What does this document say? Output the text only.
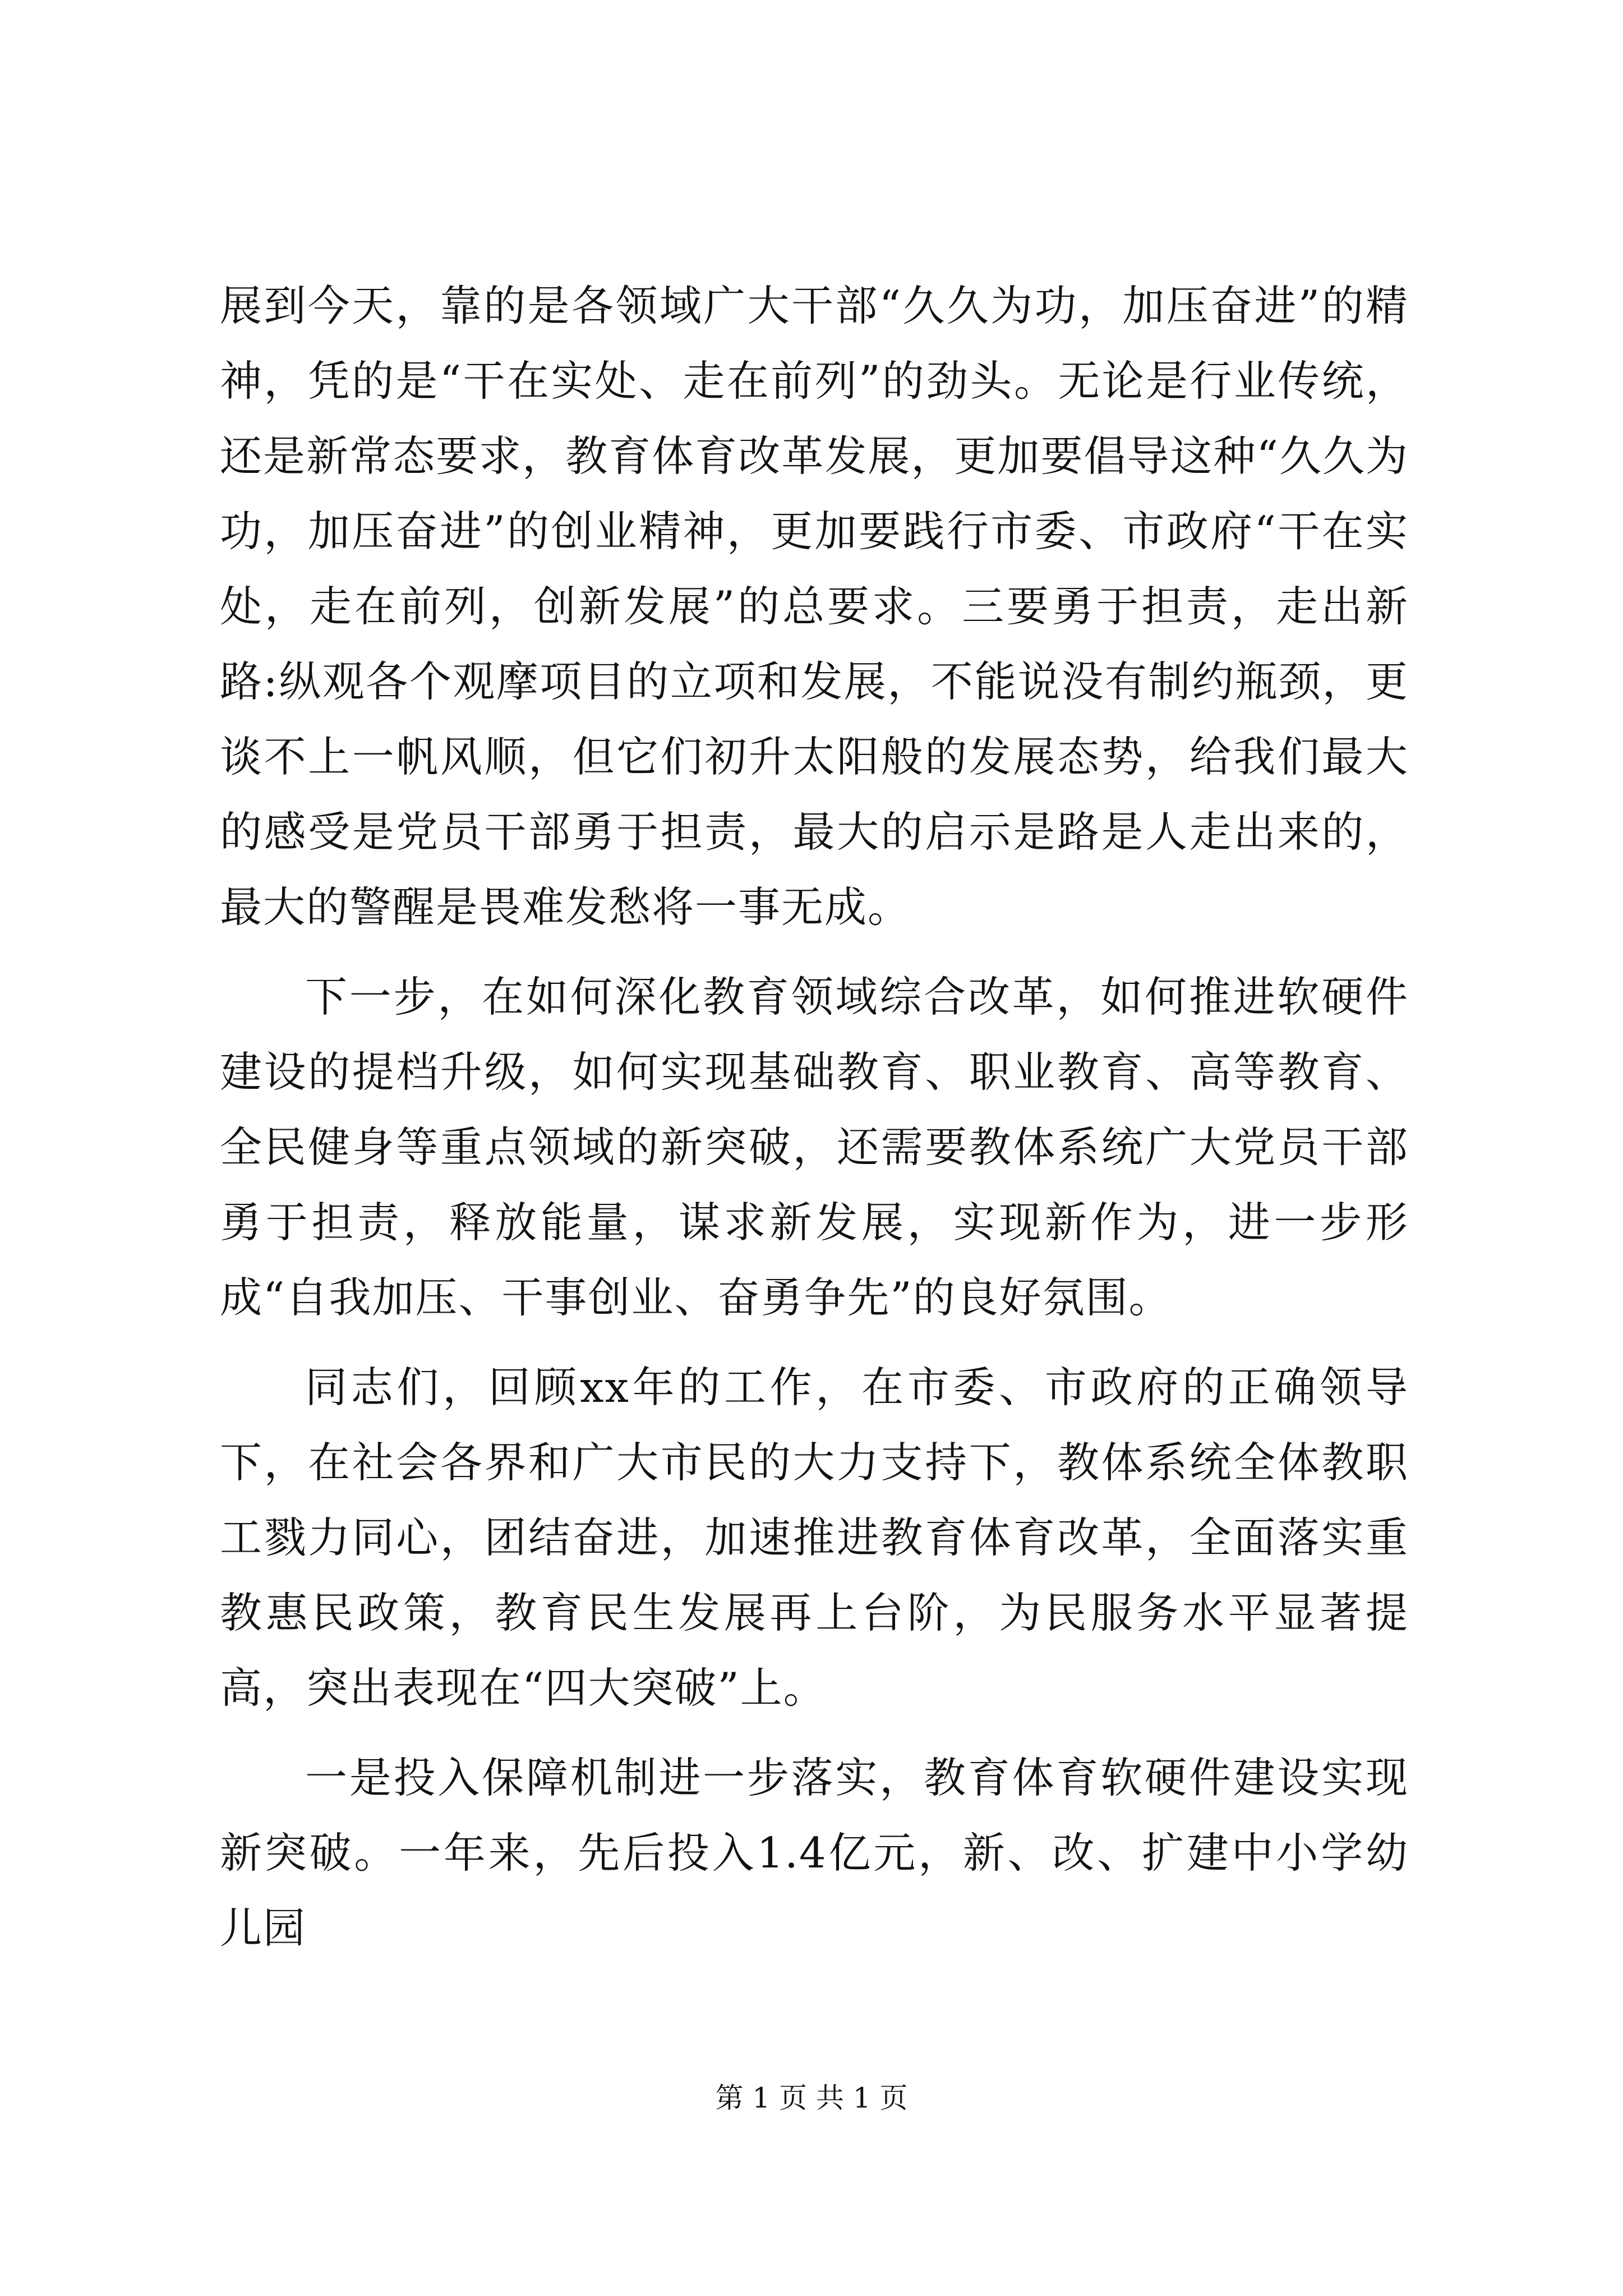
展到今天，靠的是各领域广大干部“久久为功，加压奋进”的精神，凭的是“干在实处、走在前列”的劲头。无论是行业传统，还是新常态要求，教育体育改革发展，更加要倡导这种“久久为功，加压奋进”的创业精神，更加要践行市委、市政府“干在实处，走在前列，创新发展”的总要求。三要勇于担责，走出新路:纵观各个观摩项目的立项和发展，不能说没有制约瓶颈，更谈不上一帆风顺，但它们初升太阳般的发展态势，给我们最大的感受是党员干部勇于担责，最大的启示是路是人走出来的，最大的警醒是畏难发愁将一事无成。

下一步，在如何深化教育领域综合改革，如何推进软硬件建设的提档升级，如何实现基础教育、职业教育、高等教育、全民健身等重点领域的新突破，还需要教体系统广大党员干部勇于担责，释放能量，谋求新发展，实现新作为，进一步形成“自我加压、干事创业、奋勇争先”的良好氛围。

同志们，回顾xx年的工作，在市委、市政府的正确领导下，在社会各界和广大市民的大力支持下，教体系统全体教职工戮力同心，团结奋进，加速推进教育体育改革，全面落实重教惠民政策，教育民生发展再上台阶，为民服务水平显著提高，突出表现在“四大突破”上。

一是投入保障机制进一步落实，教育体育软硬件建设实现新突破。一年来，先后投入1.4亿元，新、改、扩建中小学幼儿园

第 1 页 共 1 页
